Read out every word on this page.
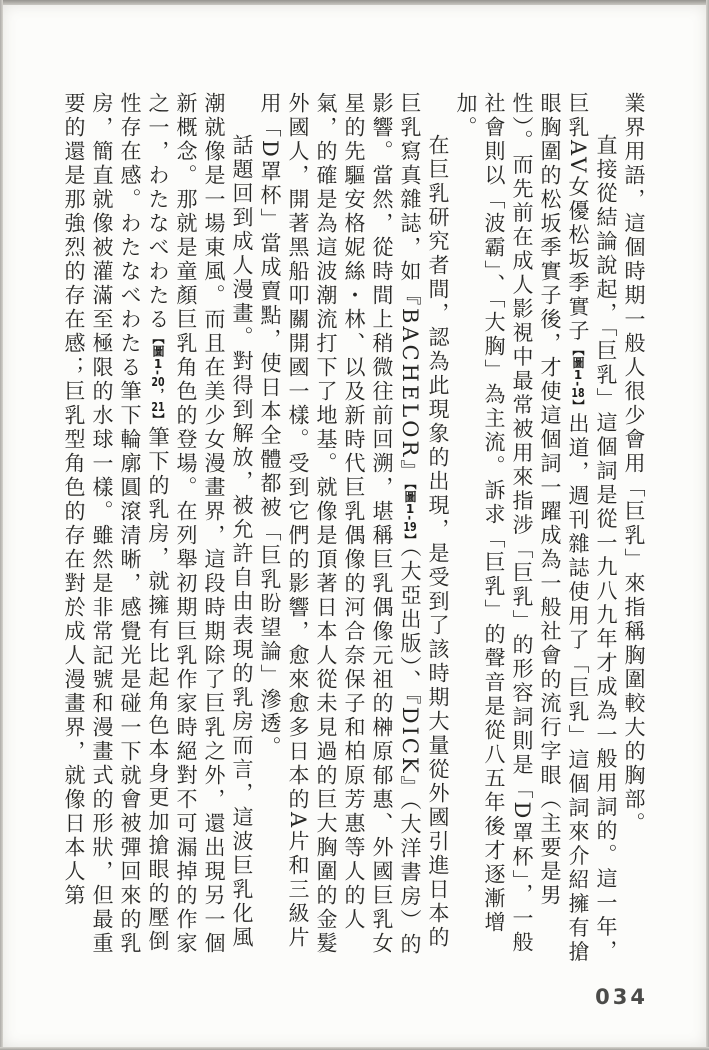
業界用語，這個時期一般人很少會用「巨乳」來指稱胸圍較大的胸部。

直接從結論說起，「巨乳」這個詞是從一九八九年才成為一般用詞的。這一年，巨乳AV女優松坂季實子【圖1-18】出道，週刊雜誌使用了「巨乳」這個詞來介紹擁有搶眼胸圍的松坂季實子後，才使這個詞一躍成為一般社會的流行字眼（主要是男性）。而先前在成人影視中最常被用來指涉「巨乳」的形容詞則是「D罩杯」，一般社會則以「波霸」、「大胸」為主流。訴求「巨乳」的聲音是從八五年後才逐漸增加。

在巨乳研究者間，認為此現象的出現，是受到了該時期大量從外國引進日本的巨乳寫真雜誌，如『BACHELOR』【圖1-19】（大亞出版）、『DICK』（大洋書房）的影響。當然，從時間上稍微往前回溯，堪稱巨乳偶像元祖的榊原郁惠、外國巨乳女星的先驅安格妮絲・林、以及新時代巨乳偶像的河合奈保子和柏原芳惠等人的人氣，的確是為這波潮流打下了地基。就像是頂著日本人從未見過的巨大胸圍的金髮外國人，開著黑船叩關開國一樣。受到它們的影響，愈來愈多日本的A片和三級片用「D罩杯」當成賣點，使日本全體都被「巨乳盼望論」滲透。

話題回到成人漫畫。對得到解放，被允許自由表現的乳房而言，這波巨乳化風潮就像是一場東風。而且在美少女漫畫界，這段時期除了巨乳之外，還出現另一個新概念。那就是童顏巨乳角色的登場。在列舉初期巨乳作家時絕對不可漏掉的作家之一，わたなべわたる【圖1-20，21】筆下的乳房，就擁有比起角色本身更加搶眼的壓倒性存在感。わたなべわたる筆下輪廓圓滾清晰，感覺光是碰一下就會被彈回來的乳房，簡直就像被灌滿至極限的水球一樣。雖然是非常記號和漫畫式的形狀，但最重要的還是那強烈的存在感；巨乳型角色的存在對於成人漫畫界，就像日本人第

034
